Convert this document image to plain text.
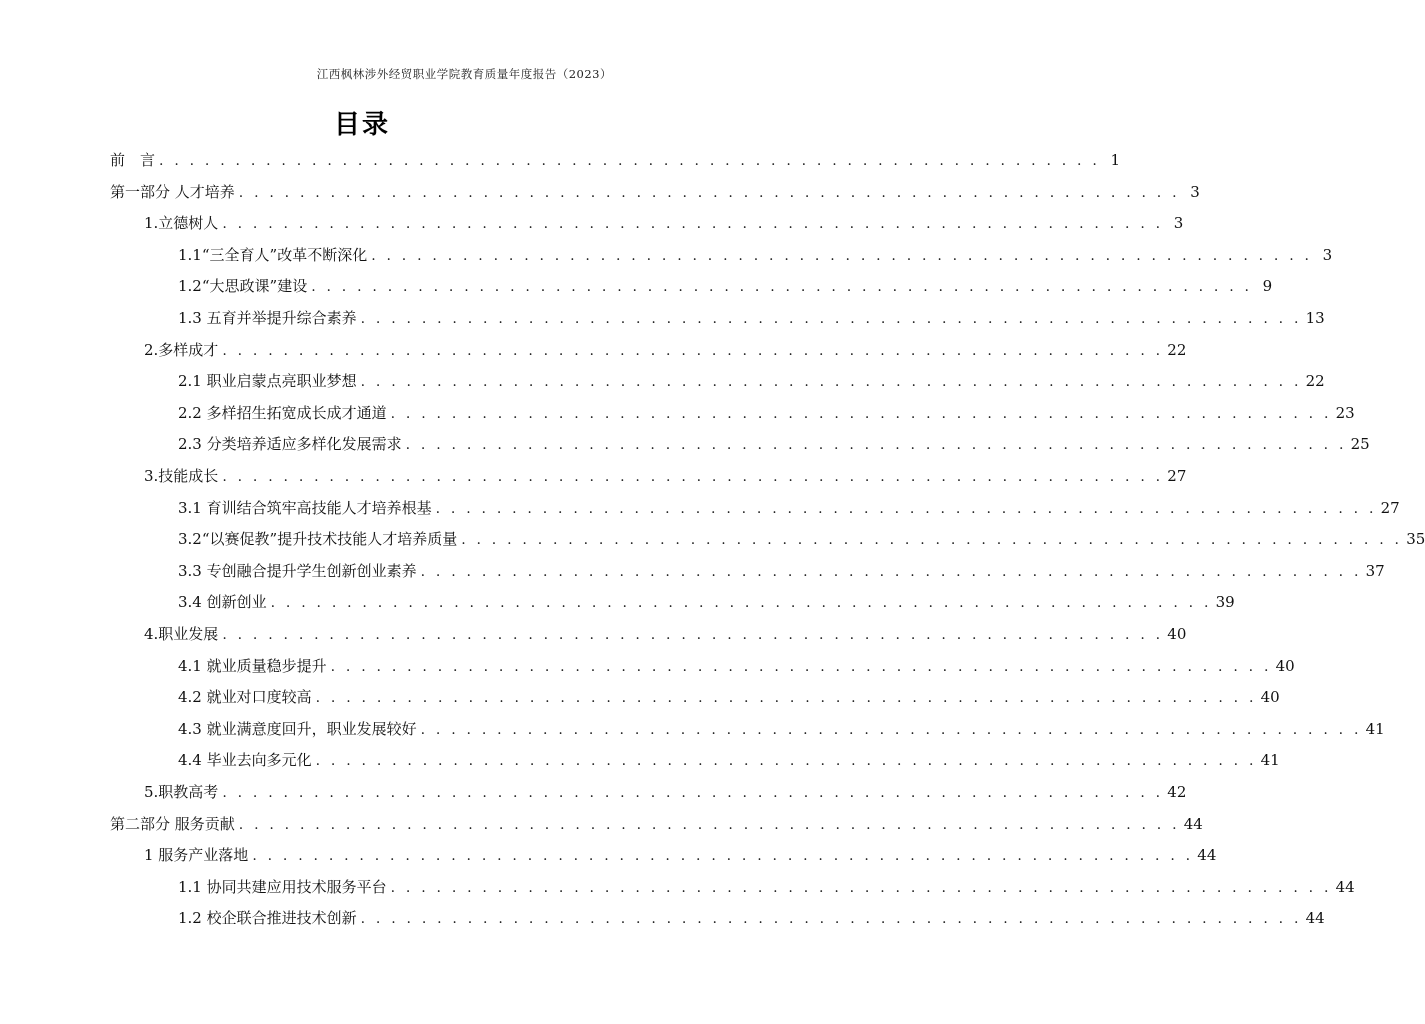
江西枫林涉外经贸职业学院教育质量年度报告（2023）
目录
前　言 . . . . . . . . . . . . . . . . . . . . . . . . . . . . . . . . . . . . . . . . . . . . . . . . . . . . . . . . . . . . . . 1
第一部分 人才培养 . . . . . . . . . . . . . . . . . . . . . . . . . . . . . . . . . . . . . . . . . . . . . . . . . . . . . . . . . . . . . . 3
1.立德树人 . . . . . . . . . . . . . . . . . . . . . . . . . . . . . . . . . . . . . . . . . . . . . . . . . . . . . . . . . . . . . . 3
1.1“三全育人”改革不断深化 . . . . . . . . . . . . . . . . . . . . . . . . . . . . . . . . . . . . . . . . . . . . . . . . . . . . . . . . . . . . . . 3
1.2“大思政课”建设 . . . . . . . . . . . . . . . . . . . . . . . . . . . . . . . . . . . . . . . . . . . . . . . . . . . . . . . . . . . . . . 9
1.3 五育并举提升综合素养 . . . . . . . . . . . . . . . . . . . . . . . . . . . . . . . . . . . . . . . . . . . . . . . . . . . . . . . . . . . . . . 13
2.多样成才 . . . . . . . . . . . . . . . . . . . . . . . . . . . . . . . . . . . . . . . . . . . . . . . . . . . . . . . . . . . . . . 22
2.1 职业启蒙点亮职业梦想 . . . . . . . . . . . . . . . . . . . . . . . . . . . . . . . . . . . . . . . . . . . . . . . . . . . . . . . . . . . . . . 22
2.2 多样招生拓宽成长成才通道 . . . . . . . . . . . . . . . . . . . . . . . . . . . . . . . . . . . . . . . . . . . . . . . . . . . . . . . . . . . . . . 23
2.3 分类培养适应多样化发展需求 . . . . . . . . . . . . . . . . . . . . . . . . . . . . . . . . . . . . . . . . . . . . . . . . . . . . . . . . . . . . . . 25
3.技能成长 . . . . . . . . . . . . . . . . . . . . . . . . . . . . . . . . . . . . . . . . . . . . . . . . . . . . . . . . . . . . . . 27
3.1 育训结合筑牢高技能人才培养根基 . . . . . . . . . . . . . . . . . . . . . . . . . . . . . . . . . . . . . . . . . . . . . . . . . . . . . . . . . . . . . . 27
3.2“以赛促教”提升技术技能人才培养质量 . . . . . . . . . . . . . . . . . . . . . . . . . . . . . . . . . . . . . . . . . . . . . . . . . . . . . . . . . . . . . . 35
3.3 专创融合提升学生创新创业素养 . . . . . . . . . . . . . . . . . . . . . . . . . . . . . . . . . . . . . . . . . . . . . . . . . . . . . . . . . . . . . . 37
3.4 创新创业 . . . . . . . . . . . . . . . . . . . . . . . . . . . . . . . . . . . . . . . . . . . . . . . . . . . . . . . . . . . . . . 39
4.职业发展 . . . . . . . . . . . . . . . . . . . . . . . . . . . . . . . . . . . . . . . . . . . . . . . . . . . . . . . . . . . . . . 40
4.1 就业质量稳步提升 . . . . . . . . . . . . . . . . . . . . . . . . . . . . . . . . . . . . . . . . . . . . . . . . . . . . . . . . . . . . . . 40
4.2 就业对口度较高 . . . . . . . . . . . . . . . . . . . . . . . . . . . . . . . . . . . . . . . . . . . . . . . . . . . . . . . . . . . . . . 40
4.3 就业满意度回升，职业发展较好 . . . . . . . . . . . . . . . . . . . . . . . . . . . . . . . . . . . . . . . . . . . . . . . . . . . . . . . . . . . . . . 41
4.4 毕业去向多元化 . . . . . . . . . . . . . . . . . . . . . . . . . . . . . . . . . . . . . . . . . . . . . . . . . . . . . . . . . . . . . . 41
5.职教高考 . . . . . . . . . . . . . . . . . . . . . . . . . . . . . . . . . . . . . . . . . . . . . . . . . . . . . . . . . . . . . . 42
第二部分 服务贡献 . . . . . . . . . . . . . . . . . . . . . . . . . . . . . . . . . . . . . . . . . . . . . . . . . . . . . . . . . . . . . . 44
1 服务产业落地 . . . . . . . . . . . . . . . . . . . . . . . . . . . . . . . . . . . . . . . . . . . . . . . . . . . . . . . . . . . . . . 44
1.1 协同共建应用技术服务平台 . . . . . . . . . . . . . . . . . . . . . . . . . . . . . . . . . . . . . . . . . . . . . . . . . . . . . . . . . . . . . . 44
1.2 校企联合推进技术创新 . . . . . . . . . . . . . . . . . . . . . . . . . . . . . . . . . . . . . . . . . . . . . . . . . . . . . . . . . . . . . . 44
